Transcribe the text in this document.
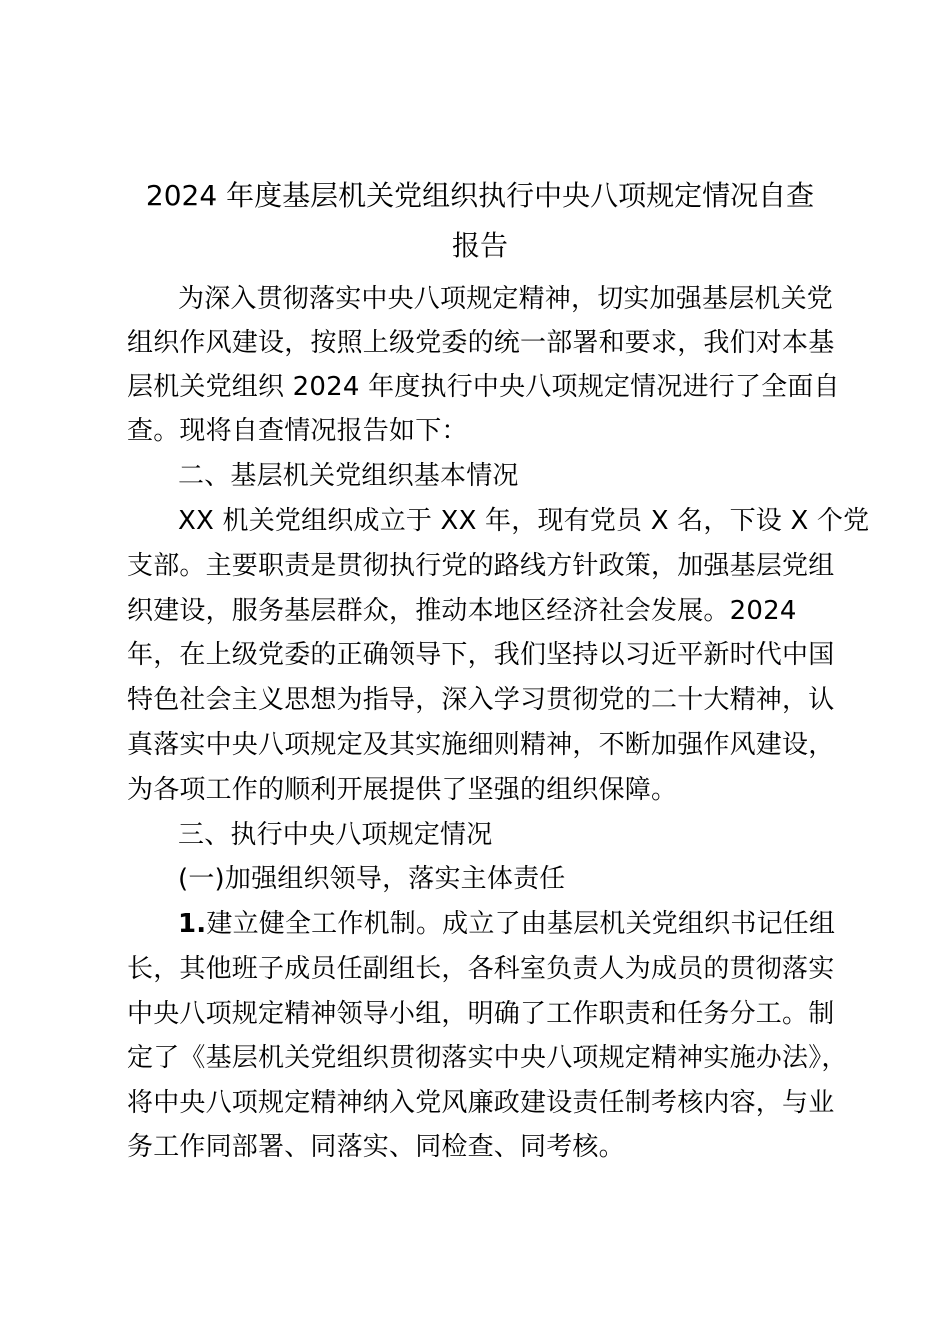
2024 年度基层机关党组织执行中央八项规定情况自查
报告
为深入贯彻落实中央八项规定精神，切实加强基层机关党
组织作风建设，按照上级党委的统一部署和要求，我们对本基
层机关党组织 2024 年度执行中央八项规定情况进行了全面自
查。现将自查情况报告如下：
二、基层机关党组织基本情况
XX 机关党组织成立于 XX 年，现有党员 X 名，下设 X 个党
支部。主要职责是贯彻执行党的路线方针政策，加强基层党组
织建设，服务基层群众，推动本地区经济社会发展。2024
年，在上级党委的正确领导下，我们坚持以习近平新时代中国
特色社会主义思想为指导，深入学习贯彻党的二十大精神，认
真落实中央八项规定及其实施细则精神，不断加强作风建设，
为各项工作的顺利开展提供了坚强的组织保障。
三、执行中央八项规定情况
(一)加强组织领导，落实主体责任
1.建立健全工作机制。成立了由基层机关党组织书记任组
长，其他班子成员任副组长，各科室负责人为成员的贯彻落实
中央八项规定精神领导小组，明确了工作职责和任务分工。制
定了《基层机关党组织贯彻落实中央八项规定精神实施办法》，
将中央八项规定精神纳入党风廉政建设责任制考核内容，与业
务工作同部署、同落实、同检查、同考核。
